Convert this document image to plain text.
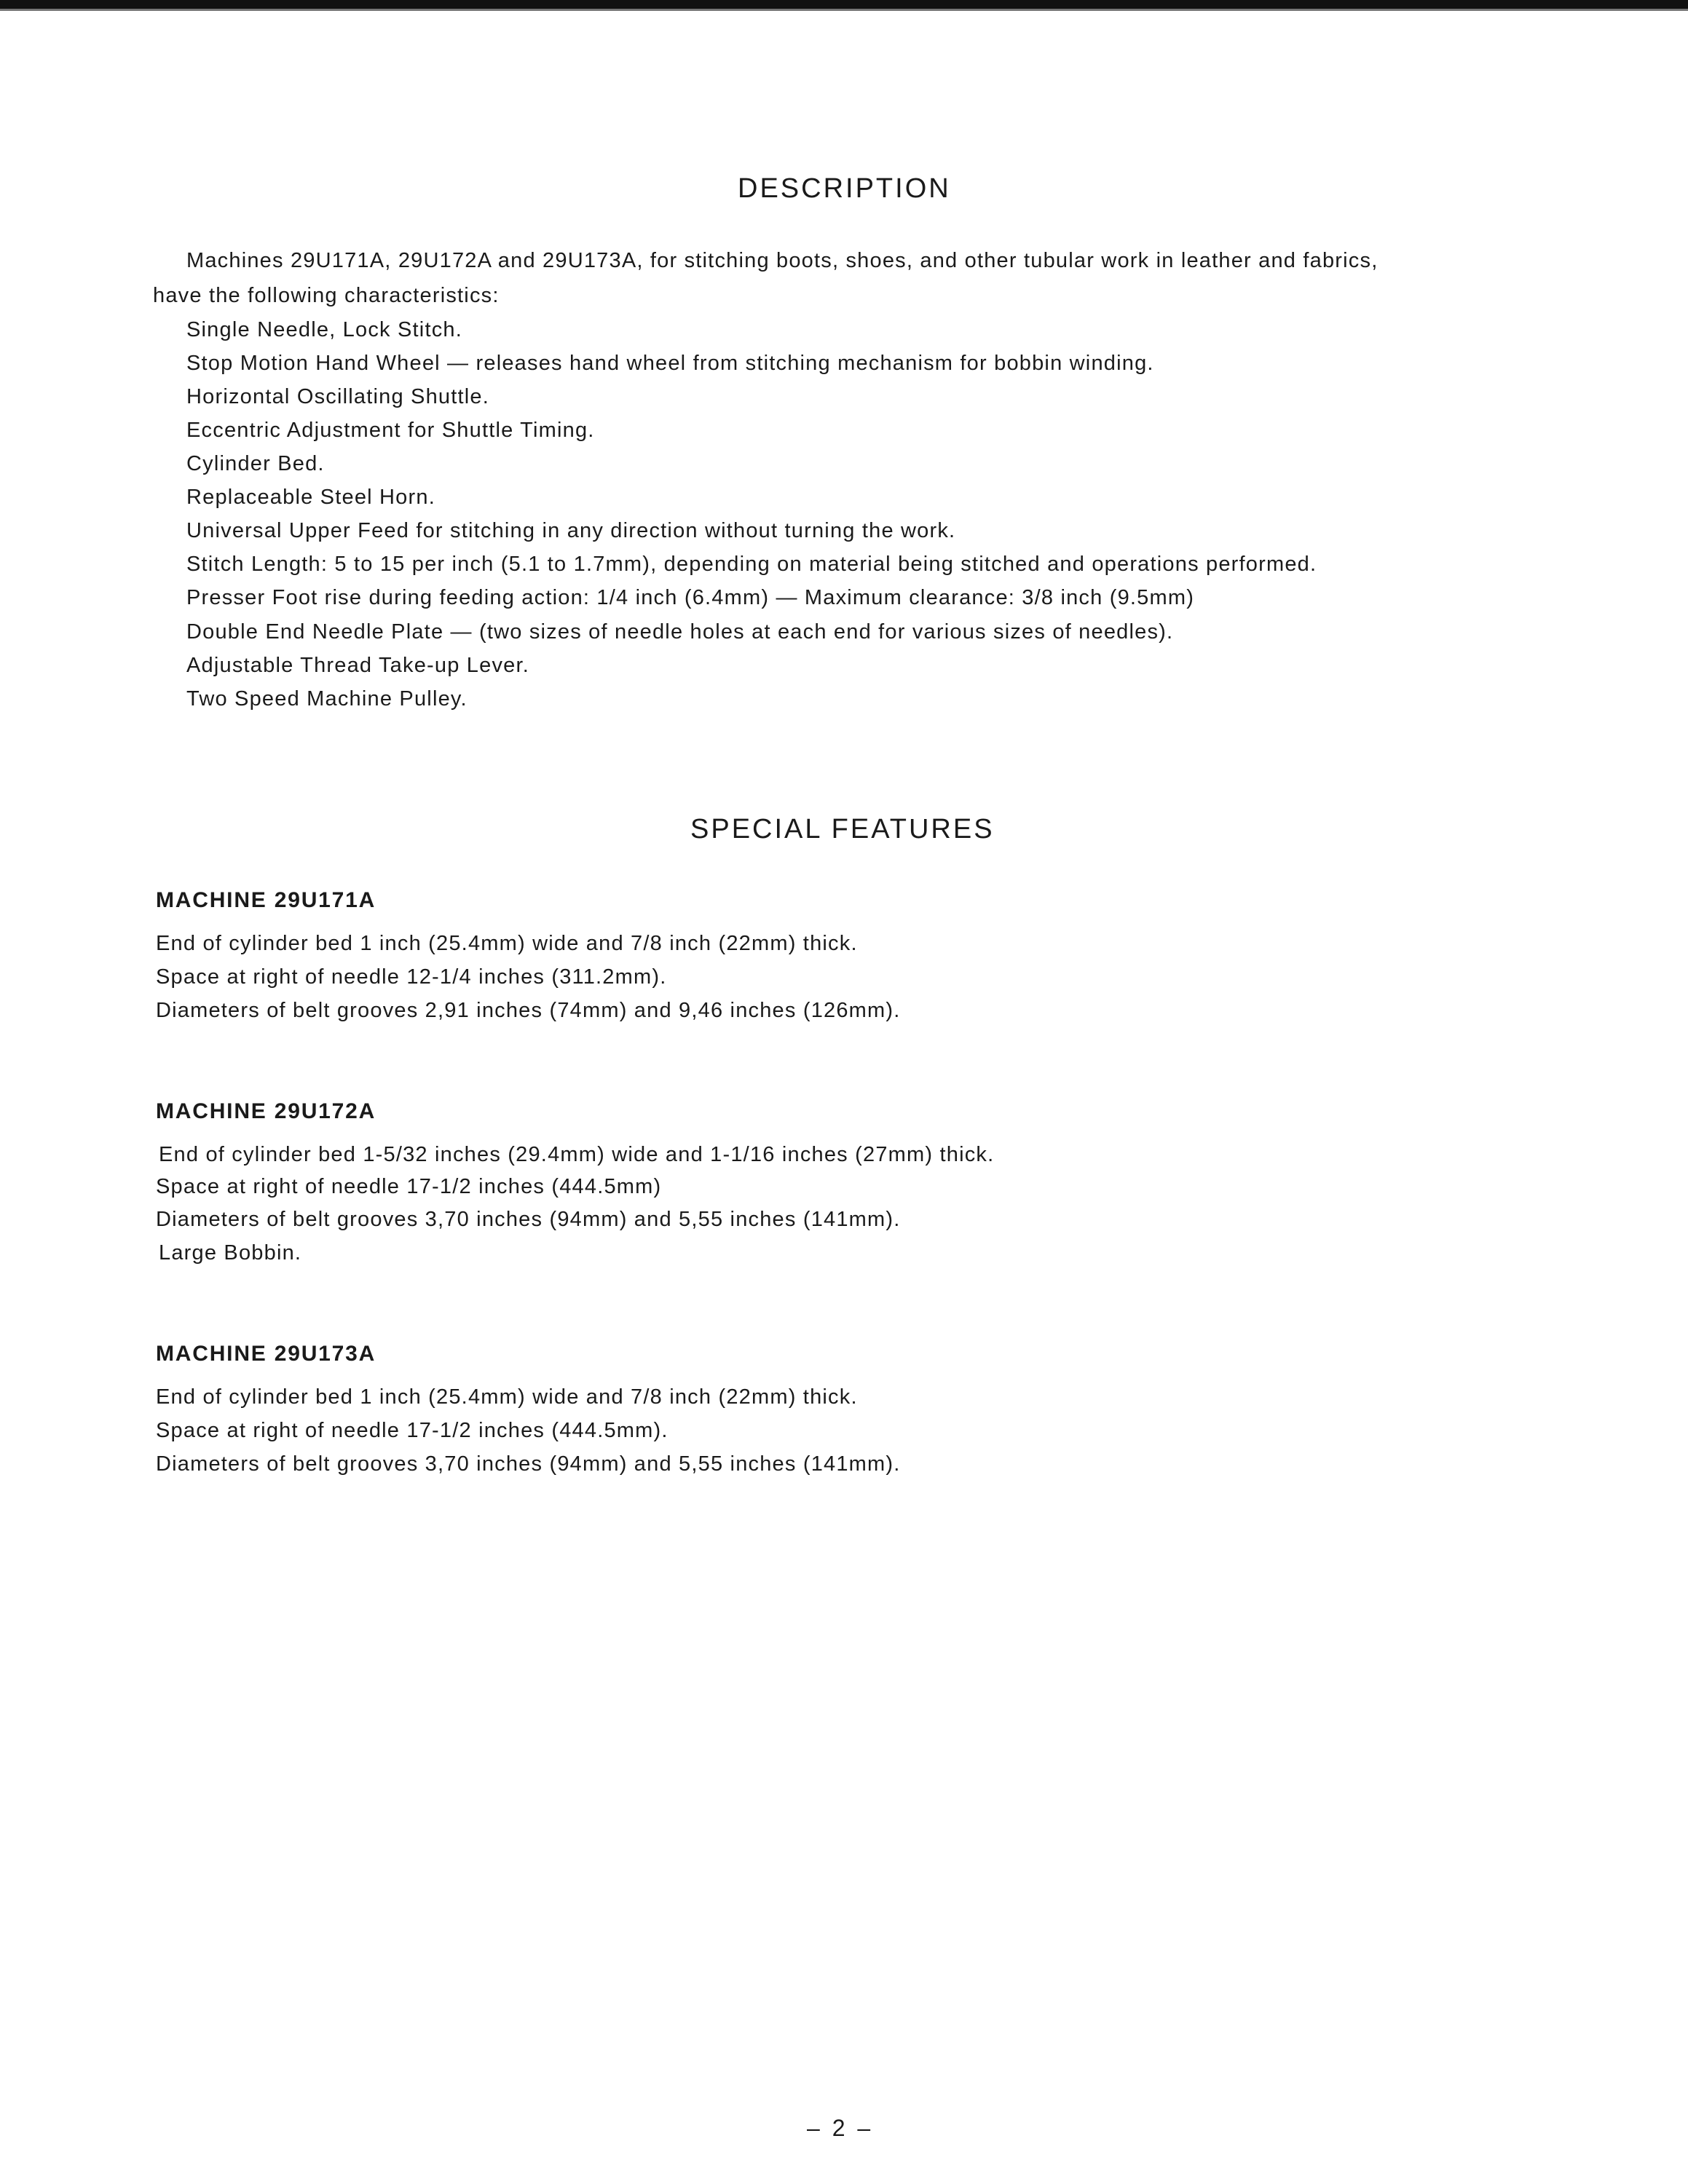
DESCRIPTION

Machines 29U171A, 29U172A and 29U173A, for stitching boots, shoes, and other tubular work in leather and fabrics,

have the following characteristics:

Single Needle, Lock Stitch.

Stop Motion Hand Wheel — releases hand wheel from stitching mechanism for bobbin winding.

Horizontal Oscillating Shuttle.

Eccentric Adjustment for Shuttle Timing.

Cylinder Bed.

Replaceable Steel Horn.

Universal Upper Feed for stitching in any direction without turning the work.

Stitch Length: 5 to 15 per inch (5.1 to 1.7mm), depending on material being stitched and operations performed.

Presser Foot rise during feeding action: 1/4 inch (6.4mm) — Maximum clearance: 3/8 inch (9.5mm)

Double End Needle Plate — (two sizes of needle holes at each end for various sizes of needles).

Adjustable Thread Take-up Lever.

Two Speed Machine Pulley.

SPECIAL FEATURES
MACHINE 29U171A

End of cylinder bed 1 inch (25.4mm) wide and 7/8 inch (22mm) thick.

Space at right of needle 12-1/4 inches (311.2mm).

Diameters of belt grooves 2,91 inches (74mm) and 9,46 inches (126mm).

MACHINE 29U172A

End of cylinder bed 1-5/32 inches (29.4mm) wide and 1-1/16 inches (27mm) thick.

Space at right of needle 17-1/2 inches (444.5mm)

Diameters of belt grooves 3,70 inches (94mm) and 5,55 inches (141mm).

Large Bobbin.

MACHINE 29U173A

End of cylinder bed 1 inch (25.4mm) wide and 7/8 inch (22mm) thick.

Space at right of needle 17-1/2 inches (444.5mm).

Diameters of belt grooves 3,70 inches (94mm) and 5,55 inches (141mm).

– 2 –
